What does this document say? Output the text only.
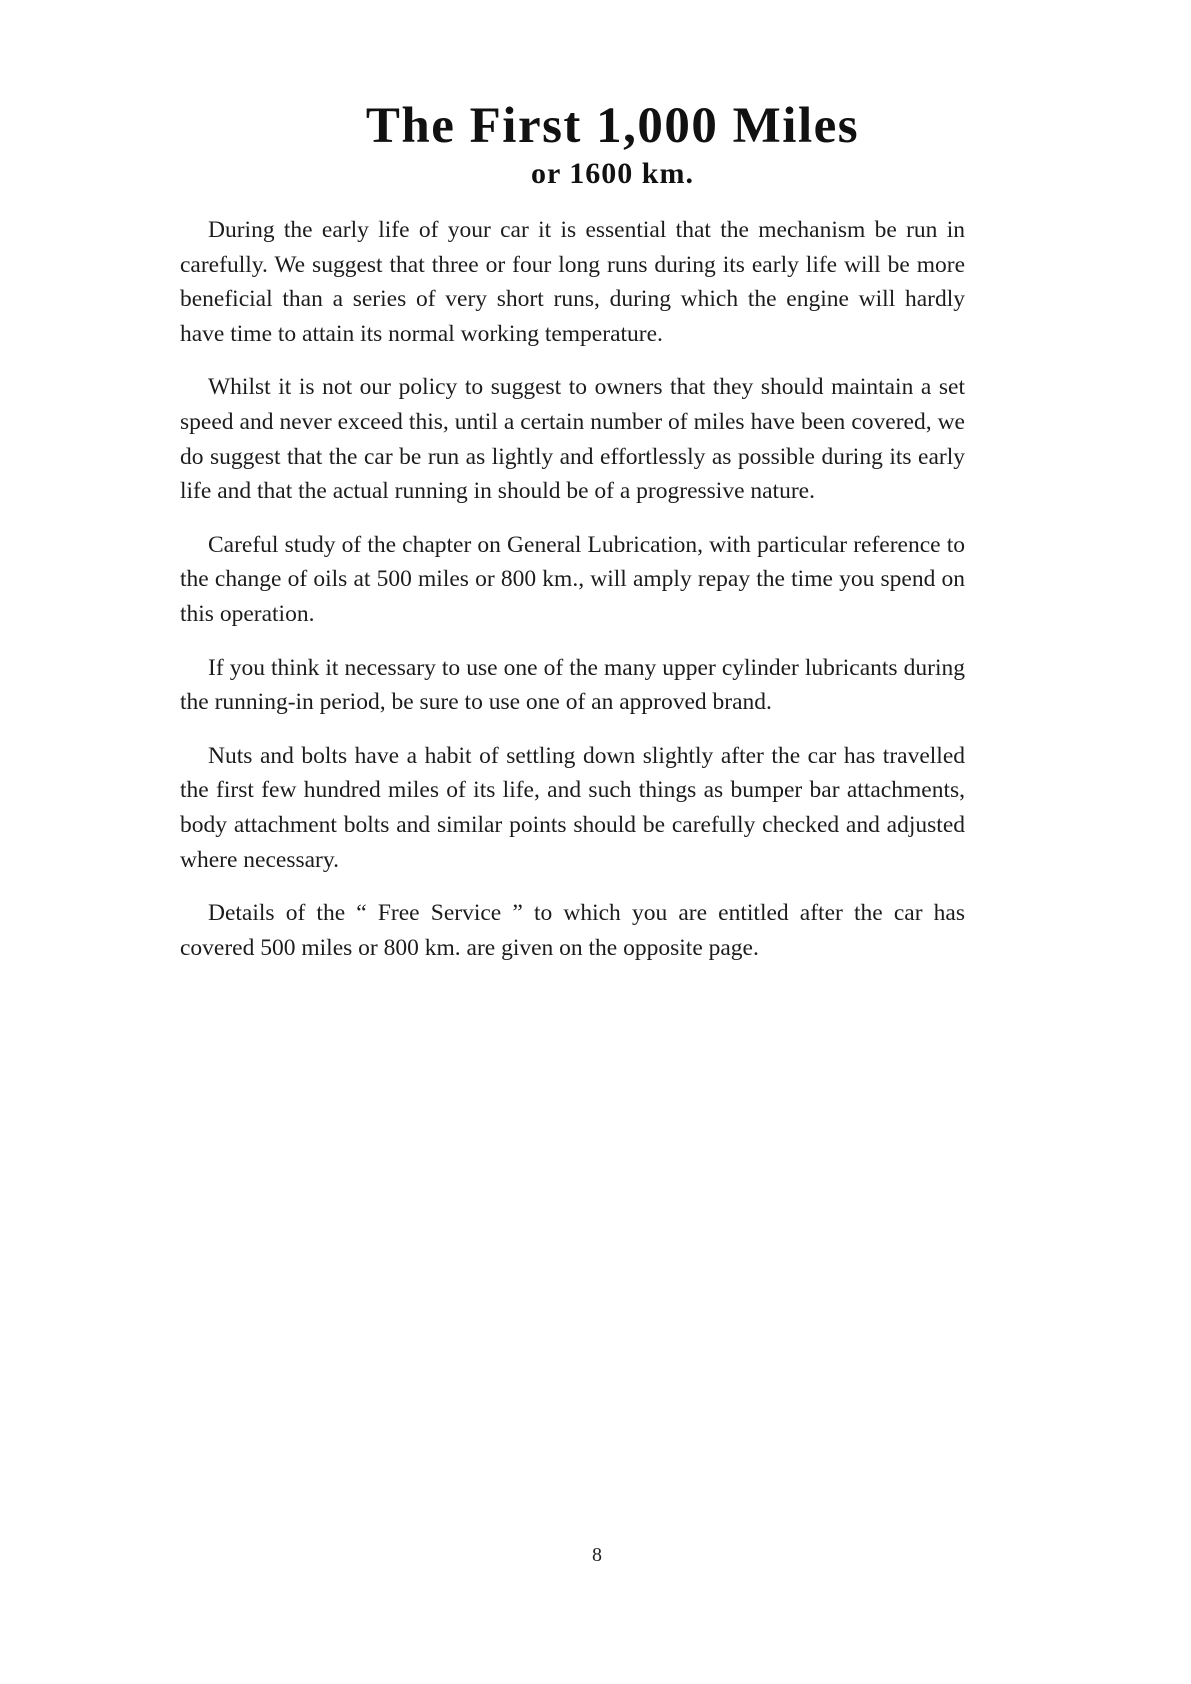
The First 1,000 Miles
or 1600 km.

During the early life of your car it is essential that the mechanism be run in carefully. We suggest that three or four long runs during its early life will be more beneficial than a series of very short runs, during which the engine will hardly have time to attain its normal working temperature.

Whilst it is not our policy to suggest to owners that they should maintain a set speed and never exceed this, until a certain number of miles have been covered, we do suggest that the car be run as lightly and effortlessly as possible during its early life and that the actual running in should be of a progressive nature.

Careful study of the chapter on General Lubrication, with particular reference to the change of oils at 500 miles or 800 km., will amply repay the time you spend on this operation.

If you think it necessary to use one of the many upper cylinder lubricants during the running-in period, be sure to use one of an approved brand.

Nuts and bolts have a habit of settling down slightly after the car has travelled the first few hundred miles of its life, and such things as bumper bar attachments, body attachment bolts and similar points should be carefully checked and adjusted where necessary.

Details of the “ Free Service ” to which you are entitled after the car has covered 500 miles or 800 km. are given on the opposite page.

8
